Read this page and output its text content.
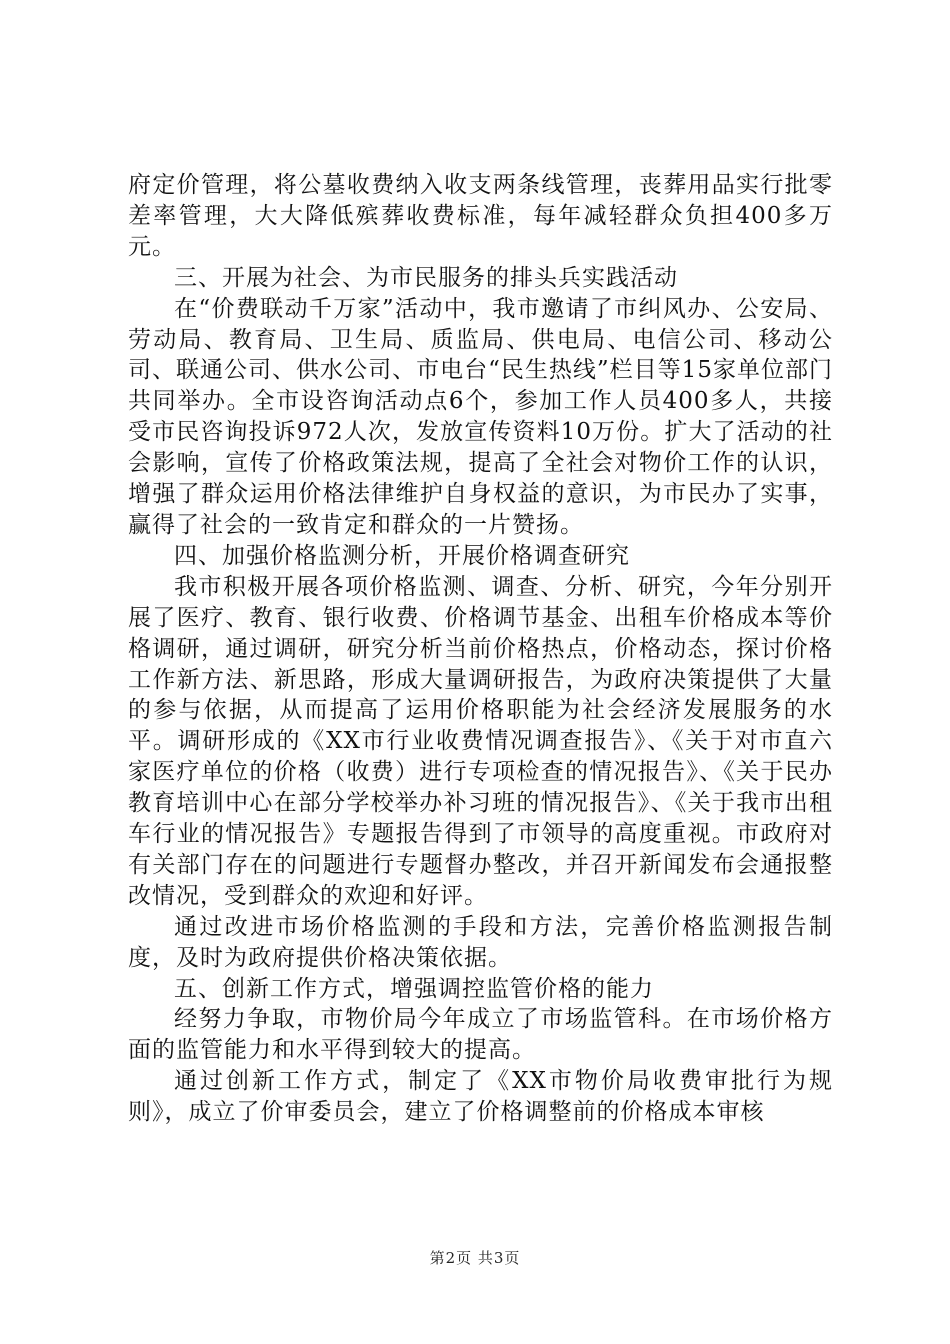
府定价管理，将公墓收费纳入收支两条线管理，丧葬用品实行批零差率管理，大大降低殡葬收费标准，每年减轻群众负担400多万元。

三、开展为社会、为市民服务的排头兵实践活动

在“价费联动千万家”活动中，我市邀请了市纠风办、公安局、劳动局、教育局、卫生局、质监局、供电局、电信公司、移动公司、联通公司、供水公司、市电台“民生热线”栏目等15家单位部门共同举办。全市设咨询活动点6个，参加工作人员400多人，共接受市民咨询投诉972人次，发放宣传资料10万份。扩大了活动的社会影响，宣传了价格政策法规，提高了全社会对物价工作的认识，增强了群众运用价格法律维护自身权益的意识，为市民办了实事，赢得了社会的一致肯定和群众的一片赞扬。

四、加强价格监测分析，开展价格调查研究

我市积极开展各项价格监测、调查、分析、研究，今年分别开展了医疗、教育、银行收费、价格调节基金、出租车价格成本等价格调研，通过调研，研究分析当前价格热点，价格动态，探讨价格工作新方法、新思路，形成大量调研报告，为政府决策提供了大量的参与依据，从而提高了运用价格职能为社会经济发展服务的水平。调研形成的《XX市行业收费情况调查报告》、《关于对市直六家医疗单位的价格（收费）进行专项检查的情况报告》、《关于民办教育培训中心在部分学校举办补习班的情况报告》、《关于我市出租车行业的情况报告》专题报告得到了市领导的高度重视。市政府对有关部门存在的问题进行专题督办整改，并召开新闻发布会通报整改情况，受到群众的欢迎和好评。

通过改进市场价格监测的手段和方法，完善价格监测报告制度，及时为政府提供价格决策依据。

五、创新工作方式，增强调控监管价格的能力

经努力争取，市物价局今年成立了市场监管科。在市场价格方面的监管能力和水平得到较大的提高。

通过创新工作方式，制定了《XX市物价局收费审批行为规则》，成立了价审委员会，建立了价格调整前的价格成本审核

第2页 共3页
